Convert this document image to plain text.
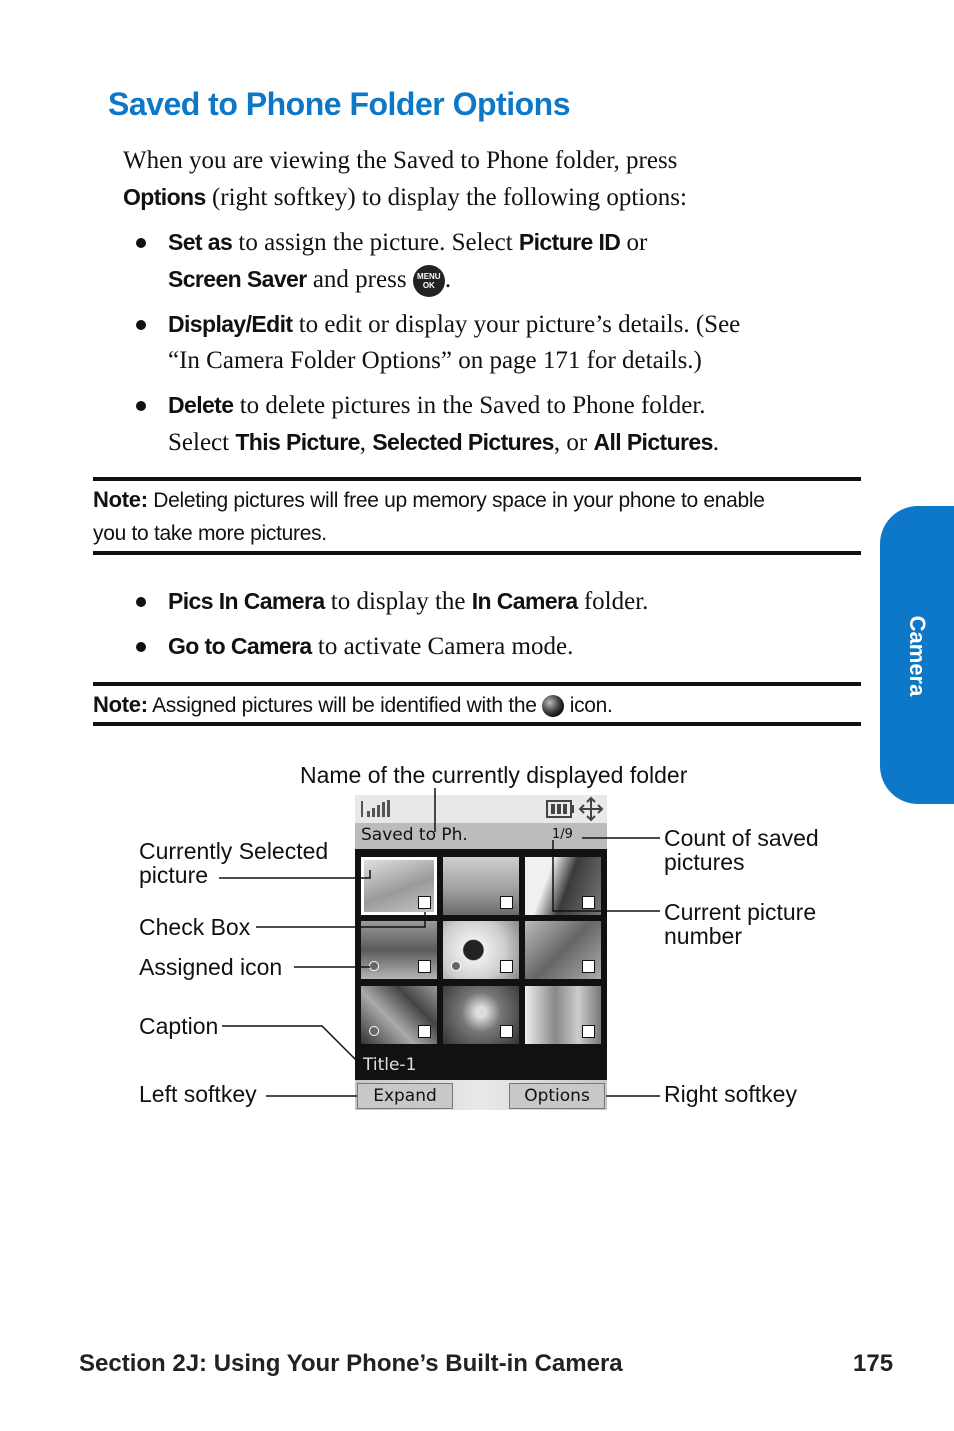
Saved to Phone Folder Options
When you are viewing the Saved to Phone folder, press
Options (right softkey) to display the following options:
Set as to assign the picture. Select Picture ID or
Screen Saver and press MENU
OK .
Display/Edit to edit or display your picture’s details. (See
“In Camera Folder Options” on page 171 for details.)
Delete to delete pictures in the Saved to Phone folder.
Select This Picture, Selected Pictures, or All Pictures.
Note: Deleting pictures will free up memory space in your phone to enable
you to take more pictures.
Pics In Camera to display the In Camera folder.
Go to Camera to activate Camera mode.
Note: Assigned pictures will be identified with the  icon.
Name of the currently displayed folder
Currently Selected
picture
Check Box
Assigned icon
Caption
Left softkey
Count of saved
pictures
Current picture
number
Right softkey
Saved to Ph.	1/9
Title-1
Expand	Options
Camera
Section 2J: Using Your Phone’s Built-in Camera	175
